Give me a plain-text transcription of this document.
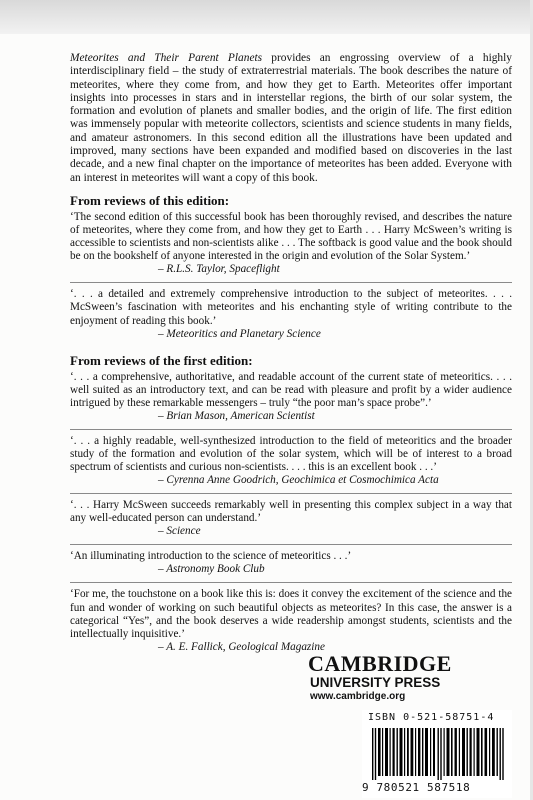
Meteorites and Their Parent Planets provides an engrossing overview of a highly interdisciplinary field – the study of extraterrestrial materials. The book describes the nature of meteorites, where they come from, and how they get to Earth. Meteorites offer important insights into processes in stars and in interstellar regions, the birth of our solar system, the formation and evolution of planets and smaller bodies, and the origin of life. The first edition was immensely popular with meteorite collectors, scientists and science students in many fields, and amateur astronomers. In this second edition all the illustrations have been updated and improved, many sections have been expanded and modified based on discoveries in the last decade, and a new final chapter on the importance of meteorites has been added. Everyone with an interest in meteorites will want a copy of this book.

From reviews of this edition:

‘The second edition of this successful book has been thoroughly revised, and describes the nature of meteorites, where they come from, and how they get to Earth . . . Harry McSween’s writing is accessible to scientists and non-scientists alike . . . The softback is good value and the book should be on the bookshelf of anyone interested in the origin and evolution of the Solar System.’

– R.L.S. Taylor, Spaceflight

‘. . . a detailed and extremely comprehensive introduction to the subject of meteorites. . . . McSween’s fascination with meteorites and his enchanting style of writing contribute to the enjoyment of reading this book.’

– Meteoritics and Planetary Science

From reviews of the first edition:

‘. . . a comprehensive, authoritative, and readable account of the current state of meteoritics. . . . well suited as an introductory text, and can be read with pleasure and profit by a wider audience intrigued by these remarkable messengers – truly “the poor man’s space probe”.’

– Brian Mason, American Scientist

‘. . . a highly readable, well-synthesized introduction to the field of meteoritics and the broader study of the formation and evolution of the solar system, which will be of interest to a broad spectrum of scientists and curious non-scientists. . . . this is an excellent book . . .’

– Cyrenna Anne Goodrich, Geochimica et Cosmochimica Acta

‘. . . Harry McSween succeeds remarkably well in presenting this complex subject in a way that any well-educated person can understand.’

– Science

‘An illuminating introduction to the science of meteoritics . . .’

– Astronomy Book Club

‘For me, the touchstone on a book like this is: does it convey the excitement of the science and the fun and wonder of working on such beautiful objects as meteorites? In this case, the answer is a categorical “Yes”, and the book deserves a wide readership amongst students, scientists and the intellectually inquisitive.’

– A. E. Fallick, Geological Magazine

CAMBRIDGE
UNIVERSITY PRESS
www.cambridge.org
ISBN 0-521-58751-4
9 780521 587518
